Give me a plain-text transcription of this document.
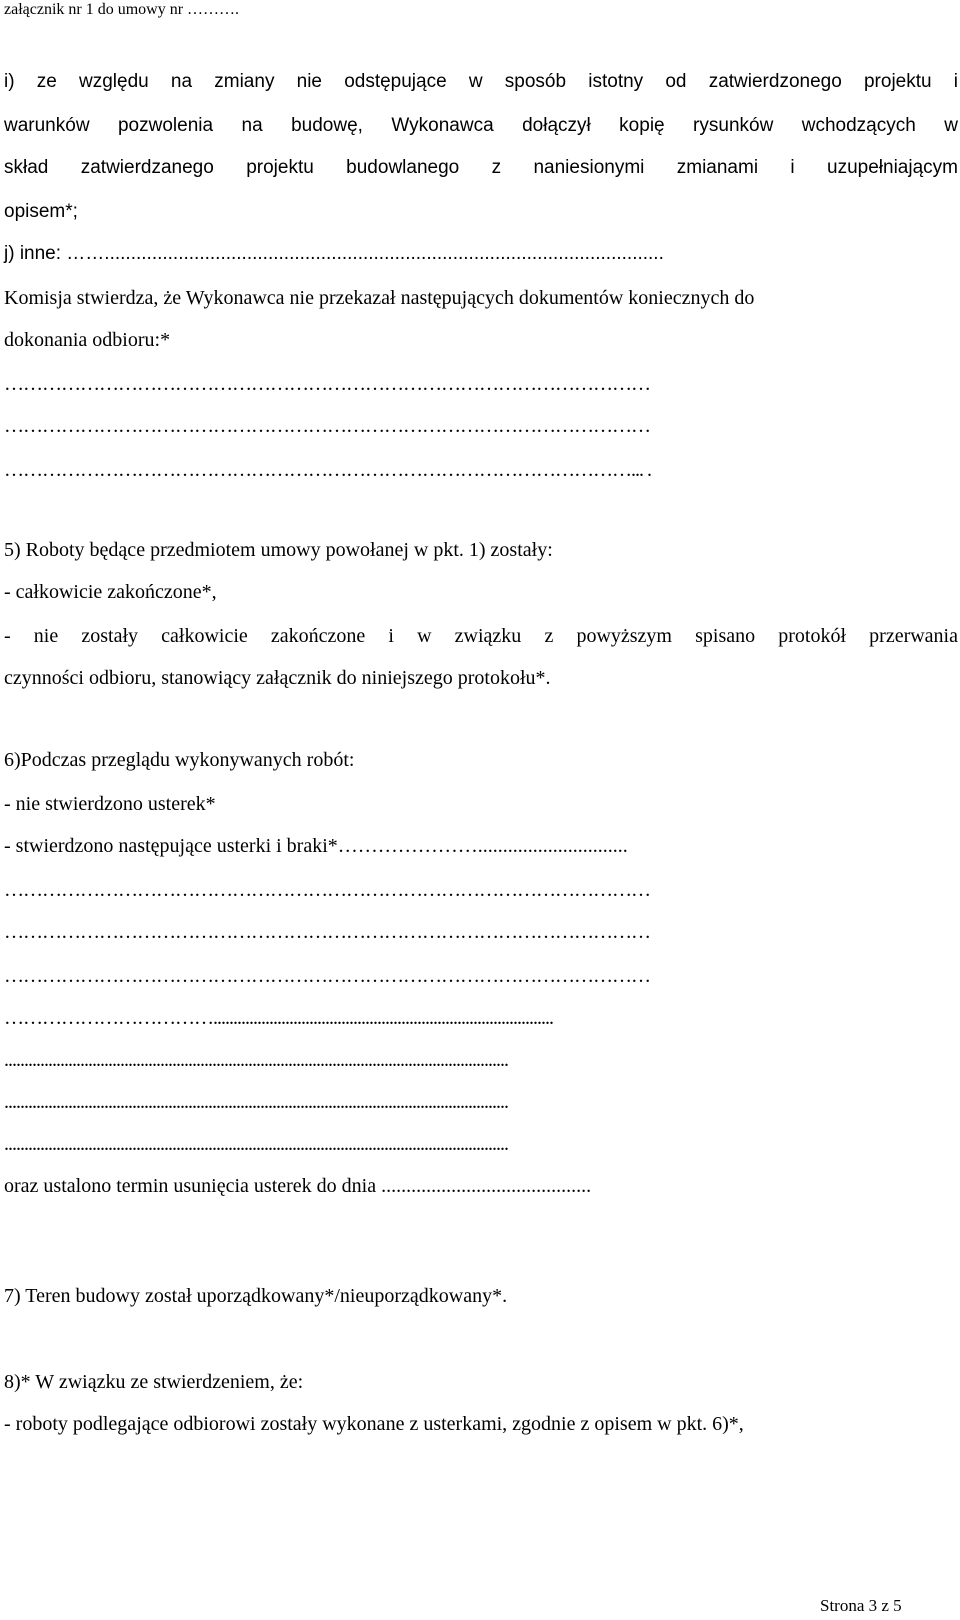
załącznik nr 1 do umowy nr ……….
i) ze względu na zmiany nie odstępujące w sposób istotny od zatwierdzonego projektu i
warunków pozwolenia na budowę, Wykonawca dołączył kopię rysunków wchodzących w
skład zatwierdzanego projektu budowlanego z naniesionymi zmianami i uzupełniającym
opisem*;
j) inne: ……..........................................................................................................
Komisja stwierdza, że Wykonawca nie przekazał następujących dokumentów koniecznych do
dokonania odbioru:*
…………………………………………………………………………………………
…………………………………………………………………………………………
………………………………………………………………………………………... .
5) Roboty będące przedmiotem umowy powołanej w pkt. 1) zostały:
- całkowicie zakończone*,
- nie zostały całkowicie zakończone i w związku z powyższym spisano protokół przerwania
czynności odbioru, stanowiący załącznik do niniejszego protokołu*.
6)Podczas przeglądu wykonywanych robót:
- nie stwierdzono usterek*
- stwierdzono następujące usterki i braki*…………………..............................
…………………………………………………………………………………………
…………………………………………………………………………………………
…………………………………………………………………………………………
…………………………….....................................................................................
..............................................................................................................................
..............................................................................................................................
..............................................................................................................................
oraz ustalono termin usunięcia usterek do dnia ..........................................
7) Teren budowy został uporządkowany*/nieuporządkowany*.
8)* W związku ze stwierdzeniem, że:
- roboty podlegające odbiorowi zostały wykonane z usterkami, zgodnie z opisem w pkt. 6)*,
Strona 3 z 5
